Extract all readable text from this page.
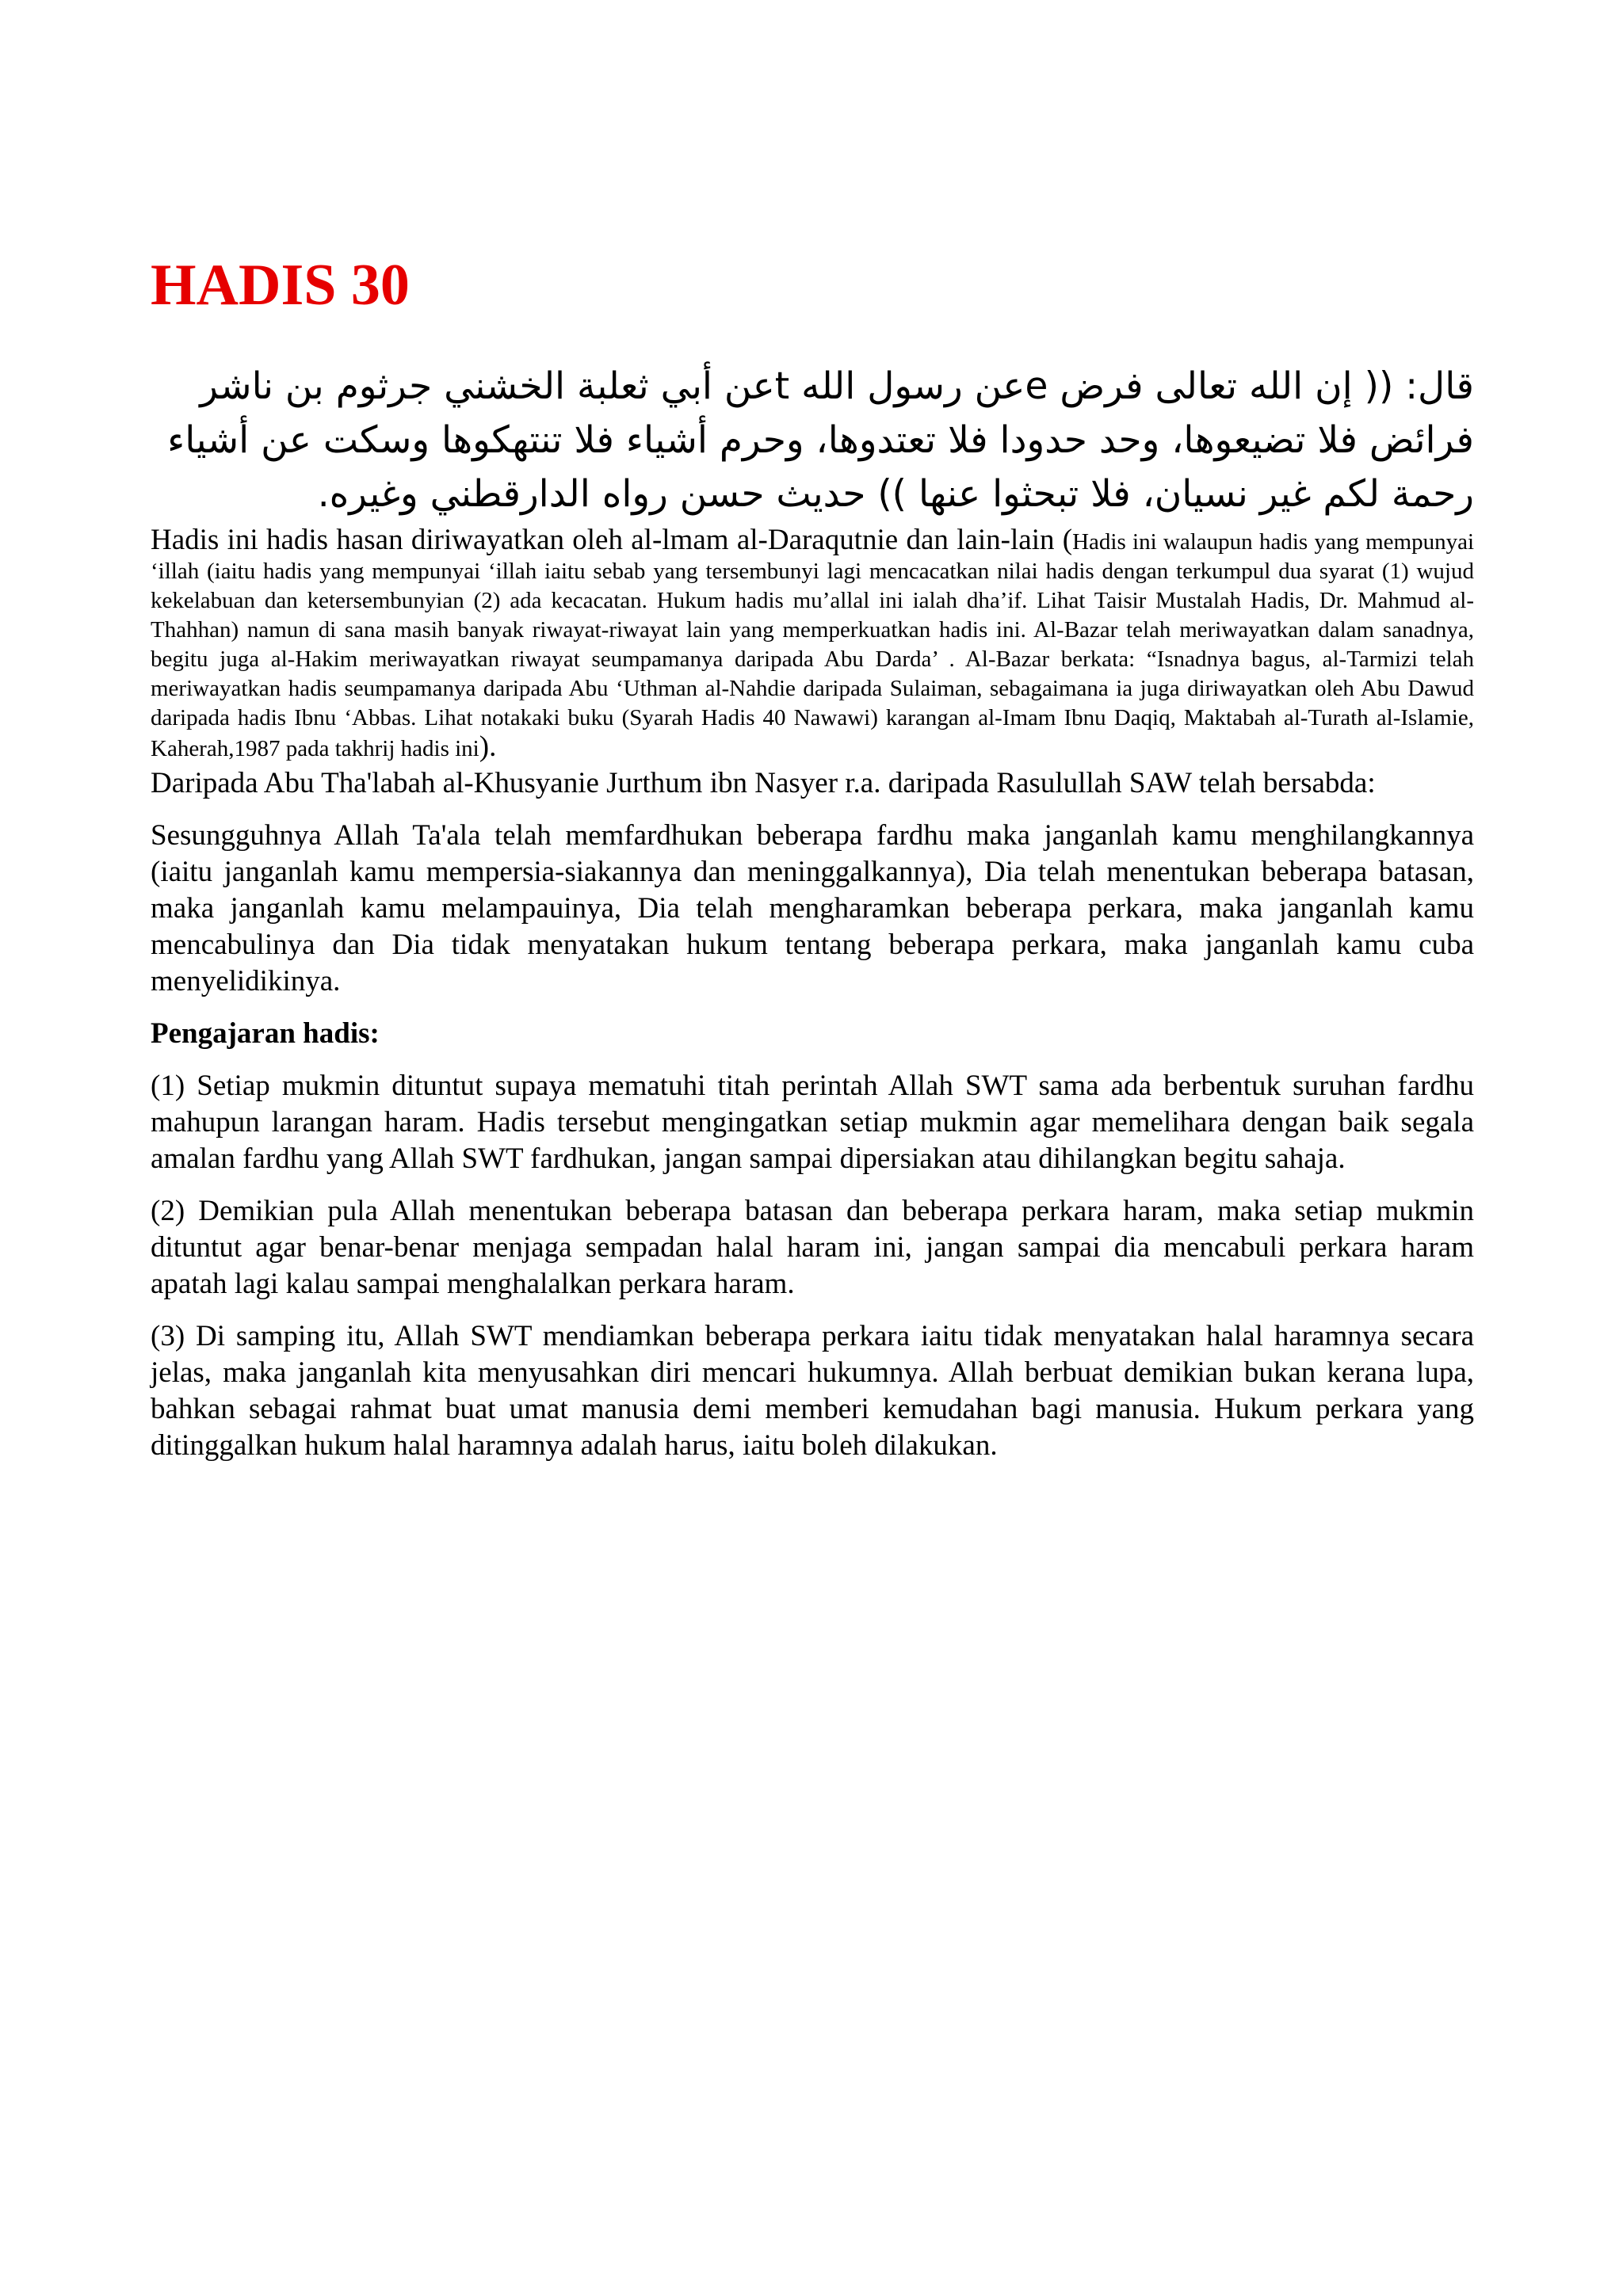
HADIS 30

قال: (( إن الله تعالى فرض eعن رسول الله tعن أبي ثعلبة الخشني جرثوم بن ناشر فرائض فلا تضيعوها، وحد حدودا فلا تعتدوها، وحرم أشياء فلا تنتهكوها وسكت عن أشياء رحمة لكم غير نسيان، فلا تبحثوا عنها )) حديث حسن رواه الدارقطني وغيره.

Hadis ini hadis hasan diriwayatkan oleh al-lmam al-Daraqutnie dan lain-lain (Hadis ini walaupun hadis yang mempunyai ‘illah (iaitu hadis yang mempunyai ‘illah iaitu sebab yang tersembunyi lagi mencacatkan nilai hadis dengan terkumpul dua syarat (1) wujud kekelabuan dan ketersembunyian (2) ada kecacatan. Hukum hadis mu’allal ini ialah dha’if. Lihat Taisir Mustalah Hadis, Dr. Mahmud al-Thahhan) namun di sana masih banyak riwayat-riwayat lain yang memperkuatkan hadis ini. Al-Bazar telah meriwayatkan dalam sanadnya, begitu juga al-Hakim meriwayatkan riwayat seumpamanya daripada Abu Darda’ . Al-Bazar berkata: “Isnadnya bagus, al-Tarmizi telah meriwayatkan hadis seumpamanya daripada Abu ‘Uthman al-Nahdie daripada Sulaiman, sebagaimana ia juga diriwayatkan oleh Abu Dawud daripada hadis Ibnu ‘Abbas. Lihat notakaki buku (Syarah Hadis 40 Nawawi) karangan al-Imam Ibnu Daqiq, Maktabah al-Turath al-Islamie, Kaherah,1987 pada takhrij hadis ini).

Daripada Abu Tha'labah al-Khusyanie Jurthum ibn Nasyer r.a. daripada Rasulullah SAW telah bersabda:

Sesungguhnya Allah Ta'ala telah memfardhukan beberapa fardhu maka janganlah kamu menghilangkannya (iaitu janganlah kamu mempersia-siakannya dan meninggalkannya), Dia telah menentukan beberapa batasan, maka janganlah kamu melampauinya, Dia telah mengharamkan beberapa perkara, maka janganlah kamu mencabulinya dan Dia tidak menyatakan hukum tentang beberapa perkara, maka janganlah kamu cuba menyelidikinya.

Pengajaran hadis:

(1) Setiap mukmin dituntut supaya mematuhi titah perintah Allah SWT sama ada berbentuk suruhan fardhu mahupun larangan haram. Hadis tersebut mengingatkan setiap mukmin agar memelihara dengan baik segala amalan fardhu yang Allah SWT fardhukan, jangan sampai dipersiakan atau dihilangkan begitu sahaja.

(2) Demikian pula Allah menentukan beberapa batasan dan beberapa perkara haram, maka setiap mukmin dituntut agar benar-benar menjaga sempadan halal haram ini, jangan sampai dia mencabuli perkara haram apatah lagi kalau sampai menghalalkan perkara haram.

(3) Di samping itu, Allah SWT mendiamkan beberapa perkara iaitu tidak menyatakan halal haramnya secara jelas, maka janganlah kita menyusahkan diri mencari hukumnya. Allah berbuat demikian bukan kerana lupa, bahkan sebagai rahmat buat umat manusia demi memberi kemudahan bagi manusia. Hukum perkara yang ditinggalkan hukum halal haramnya adalah harus, iaitu boleh dilakukan.
